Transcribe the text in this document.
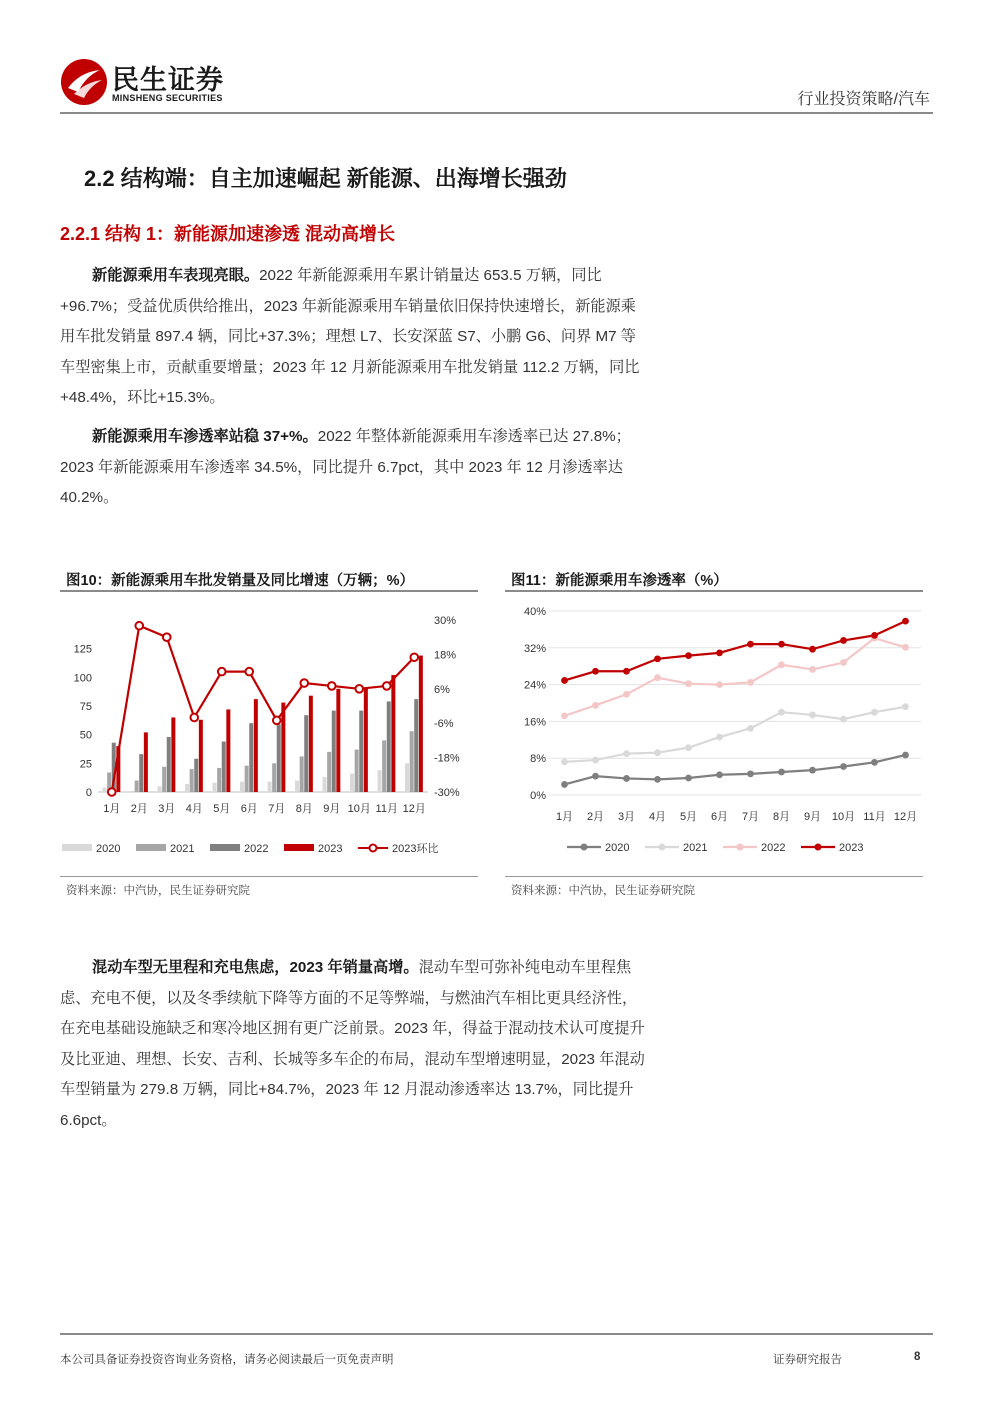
民生证券
MINSHENG SECURITIES	行业投资策略/汽车
2.2 结构端：自主加速崛起 新能源、出海增长强劲
2.2.1 结构 1：新能源加速渗透 混动高增长

新能源乘用车表现亮眼。2022 年新能源乘用车累计销量达 653.5 万辆，同比+96.7%；受益优质供给推出，2023 年新能源乘用车销量依旧保持快速增长，新能源乘用车批发销量 897.4 辆，同比+37.3%；理想 L7、长安深蓝 S7、小鹏 G6、问界 M7 等车型密集上市，贡献重要增量；2023 年 12 月新能源乘用车批发销量 112.2 万辆，同比+48.4%，环比+15.3%。

新能源乘用车渗透率站稳 37+%。2022 年整体新能源乘用车渗透率已达 27.8%；2023 年新能源乘用车渗透率 34.5%，同比提升 6.7pct，其中 2023 年 12 月渗透率达 40.2%。

图10：新能源乘用车批发销量及同比增速（万辆；%）
0
25
50
75
100
125
-30%
-18%
-6%
6%
18%
30%
1月 2月 3月 4月 5月 6月 7月 8月 9月 10月 11月 12月
2020	2021	2022	2023	2023环比
资料来源：中汽协，民生证券研究院
图11：新能源乘用车渗透率（%）
0%
8%
16%
24%
32%
40%
1月 2月 3月 4月 5月 6月 7月 8月 9月 10月 11月 12月
2020	2021	2022	2023
资料来源：中汽协，民生证券研究院

混动车型无里程和充电焦虑，2023 年销量高增。混动车型可弥补纯电动车里程焦虑、充电不便，以及冬季续航下降等方面的不足等弊端，与燃油汽车相比更具经济性，在充电基础设施缺乏和寒冷地区拥有更广泛前景。2023 年，得益于混动技术认可度提升及比亚迪、理想、长安、吉利、长城等多车企的布局，混动车型增速明显，2023 年混动车型销量为 279.8 万辆，同比+84.7%，2023 年 12 月混动渗透率达 13.7%，同比提升 6.6pct。

本公司具备证券投资咨询业务资格，请务必阅读最后一页免责声明	证券研究报告	8
